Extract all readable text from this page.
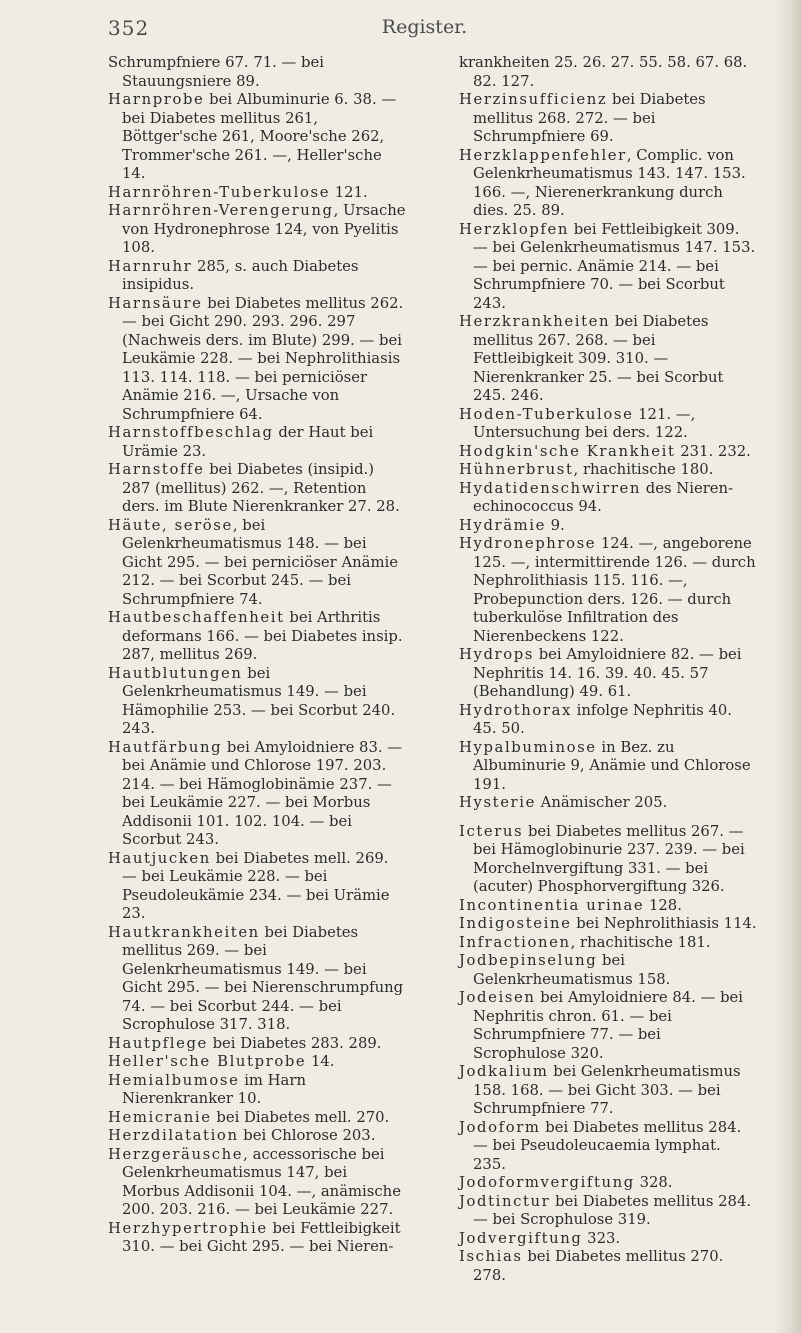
352	Register.
Schrumpfniere 67. 71. — bei Stauungsniere 89.
Harnprobe bei Albuminurie 6. 38. — bei Diabetes mellitus 261, Böttger'sche 261, Moore'sche 262, Trommer'sche 261. —, Heller'sche 14.
Harnröhren-Tuberkulose 121.
Harnröhren-Verengerung, Ursache von Hydronephrose 124, von Pyelitis 108.
Harnruhr 285, s. auch Diabetes insipidus.
Harnsäure bei Diabetes mellitus 262. — bei Gicht 290. 293. 296. 297 (Nachweis ders. im Blute) 299. — bei Leukämie 228. — bei Nephrolithiasis 113. 114. 118. — bei perniciöser Anämie 216. —, Ursache von Schrumpfniere 64.
Harnstoffbeschlag der Haut bei Urämie 23.
Harnstoffe bei Diabetes (insipid.) 287 (mellitus) 262. —, Retention ders. im Blute Nierenkranker 27. 28.
Häute, seröse, bei Gelenkrheumatismus 148. — bei Gicht 295. — bei perniciöser Anämie 212. — bei Scorbut 245. — bei Schrumpfniere 74.
Hautbeschaffenheit bei Arthritis deformans 166. — bei Diabetes insip. 287, mellitus 269.
Hautblutungen bei Gelenkrheumatismus 149. — bei Hämophilie 253. — bei Scorbut 240. 243.
Hautfärbung bei Amyloidniere 83. — bei Anämie und Chlorose 197. 203. 214. — bei Hämoglobinämie 237. — bei Leukämie 227. — bei Morbus Addisonii 101. 102. 104. — bei Scorbut 243.
Hautjucken bei Diabetes mell. 269. — bei Leukämie 228. — bei Pseudoleukämie 234. — bei Urämie 23.
Hautkrankheiten bei Diabetes mellitus 269. — bei Gelenkrheumatismus 149. — bei Gicht 295. — bei Nierenschrumpfung 74. — bei Scorbut 244. — bei Scrophulose 317. 318.
Hautpflege bei Diabetes 283. 289.
Heller'sche Blutprobe 14.
Hemialbumose im Harn Nierenkranker 10.
Hemicranie bei Diabetes mell. 270.
Herzdilatation bei Chlorose 203.
Herzgeräusche, accessorische bei Gelenkrheumatismus 147, bei Morbus Addisonii 104. —, anämische 200. 203. 216. — bei Leukämie 227.
Herzhypertrophie bei Fettleibigkeit 310. — bei Gicht 295. — bei Nieren-
krankheiten 25. 26. 27. 55. 58. 67. 68. 82. 127.
Herzinsufficienz bei Diabetes mellitus 268. 272. — bei Schrumpfniere 69.
Herzklappenfehler, Complic. von Gelenkrheumatismus 143. 147. 153. 166. —, Nierenerkrankung durch dies. 25. 89.
Herzklopfen bei Fettleibigkeit 309. — bei Gelenkrheumatismus 147. 153. — bei pernic. Anämie 214. — bei Schrumpfniere 70. — bei Scorbut 243.
Herzkrankheiten bei Diabetes mellitus 267. 268. — bei Fettleibigkeit 309. 310. — Nierenkranker 25. — bei Scorbut 245. 246.
Hoden-Tuberkulose 121. —, Untersuchung bei ders. 122.
Hodgkin'sche Krankheit 231. 232.
Hühnerbrust, rhachitische 180.
Hydatidenschwirren des Nieren-echinococcus 94.
Hydrämie 9.
Hydronephrose 124. —, angeborene 125. —, intermittirende 126. — durch Nephrolithiasis 115. 116. —, Probepunction ders. 126. — durch tuberkulöse Infiltration des Nierenbeckens 122.
Hydrops bei Amyloidniere 82. — bei Nephritis 14. 16. 39. 40. 45. 57 (Behandlung) 49. 61.
Hydrothorax infolge Nephritis 40. 45. 50.
Hypalbuminose in Bez. zu Albuminurie 9, Anämie und Chlorose 191.
Hysterie Anämischer 205.
Icterus bei Diabetes mellitus 267. — bei Hämoglobinurie 237. 239. — bei Morchelnvergiftung 331. — bei (acuter) Phosphorvergiftung 326.
Incontinentia urinae 128.
Indigosteine bei Nephrolithiasis 114.
Infractionen, rhachitische 181.
Jodbepinselung bei Gelenkrheumatismus 158.
Jodeisen bei Amyloidniere 84. — bei Nephritis chron. 61. — bei Schrumpfniere 77. — bei Scrophulose 320.
Jodkalium bei Gelenkrheumatismus 158. 168. — bei Gicht 303. — bei Schrumpfniere 77.
Jodoform bei Diabetes mellitus 284. — bei Pseudoleucaemia lymphat. 235.
Jodoformvergiftung 328.
Jodtinctur bei Diabetes mellitus 284. — bei Scrophulose 319.
Jodvergiftung 323.
Ischias bei Diabetes mellitus 270. 278.
